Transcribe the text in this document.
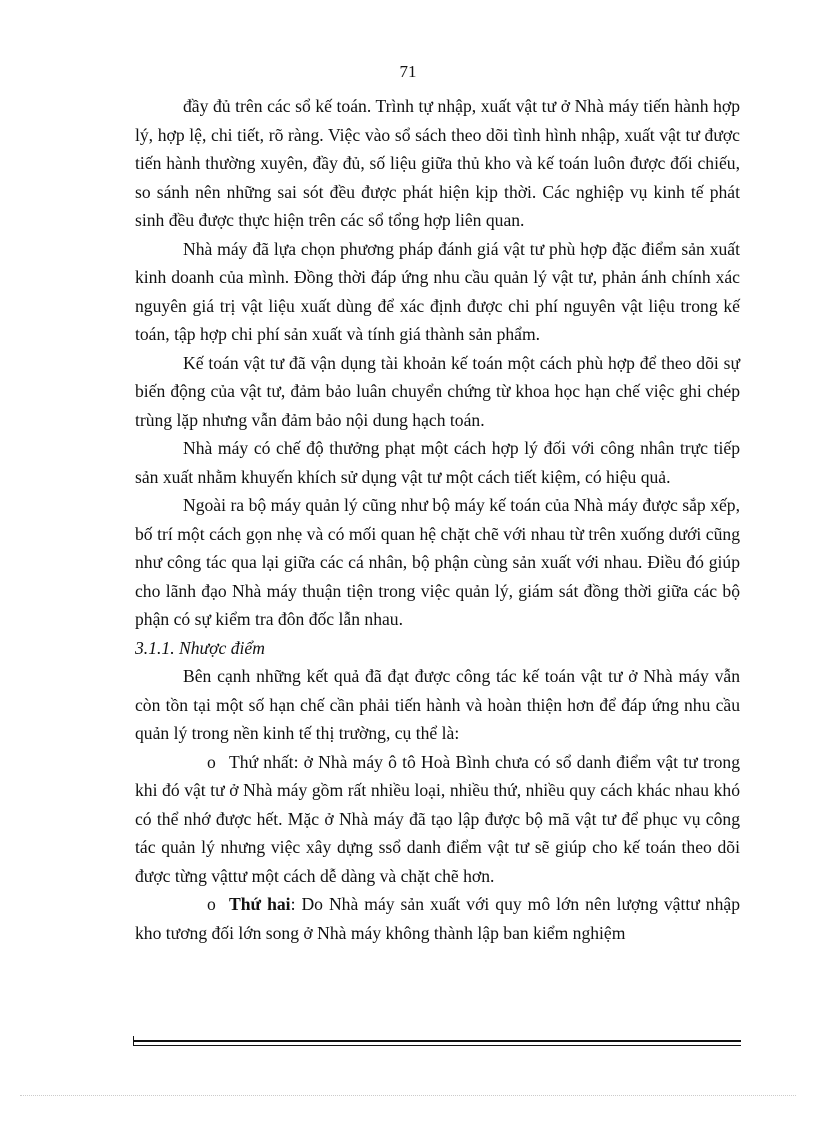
71

đầy đủ trên các sổ kế toán. Trình tự nhập, xuất vật tư ở Nhà máy tiến hành hợp lý, hợp lệ, chi tiết, rõ ràng. Việc vào sổ sách theo dõi tình hình nhập, xuất vật tư được tiến hành thường xuyên, đầy đủ, số liệu giữa thủ kho và kế toán luôn được đối chiếu, so sánh nên những sai sót đều được phát hiện kịp thời. Các nghiệp vụ kinh tế phát sinh đều được thực hiện trên các sổ tổng hợp liên quan.

Nhà máy đã lựa chọn phương pháp đánh giá vật tư phù hợp đặc điểm sản xuất kinh doanh của mình. Đồng thời đáp ứng nhu cầu quản lý vật tư, phản ánh chính xác nguyên giá trị vật liệu xuất dùng để xác định được chi phí nguyên vật liệu trong kế toán, tập hợp chi phí sản xuất và tính giá thành sản phẩm.

Kế toán vật tư đã vận dụng tài khoản kế toán một cách phù hợp để theo dõi sự biến động của vật tư, đảm bảo luân chuyển chứng từ khoa học hạn chế việc ghi chép trùng lặp nhưng vẫn đảm bảo nội dung hạch toán.

Nhà máy có chế độ thưởng phạt một cách hợp lý đối với công nhân trực tiếp sản xuất nhằm khuyến khích sử dụng vật tư một cách tiết kiệm, có hiệu quả.

Ngoài ra bộ máy quản lý cũng như bộ máy kế toán của Nhà máy được sắp xếp, bố trí một cách gọn nhẹ và có mối quan hệ chặt chẽ với nhau từ trên xuống dưới cũng như công tác qua lại giữa các cá nhân, bộ phận cùng sản xuất với nhau. Điều đó giúp cho lãnh đạo Nhà máy thuận tiện trong việc quản lý, giám sát đồng thời giữa các bộ phận có sự kiểm tra đôn đốc lẫn nhau.

3.1.1. Nhược điểm

Bên cạnh những kết quả đã đạt được công tác kế toán vật tư ở Nhà máy vẫn còn tồn tại một số hạn chế cần phải tiến hành và hoàn thiện hơn để đáp ứng nhu cầu quản lý trong nền kinh tế thị trường, cụ thể là:

o Thứ nhất: ở Nhà máy ô tô Hoà Bình chưa có sổ danh điểm vật tư trong khi đó vật tư ở Nhà máy gồm rất nhiều loại, nhiều thứ, nhiều quy cách khác nhau khó có thể nhớ được hết. Mặc ở Nhà máy đã tạo lập được bộ mã vật tư để phục vụ công tác quản lý nhưng việc xây dựng ssổ danh điểm vật tư sẽ giúp cho kế toán theo dõi được từng vậttư một cách dễ dàng và chặt chẽ hơn.

o Thứ hai: Do Nhà máy sản xuất với quy mô lớn nên lượng vậttư nhập kho tương đối lớn song ở Nhà máy không thành lập ban kiểm nghiệm
